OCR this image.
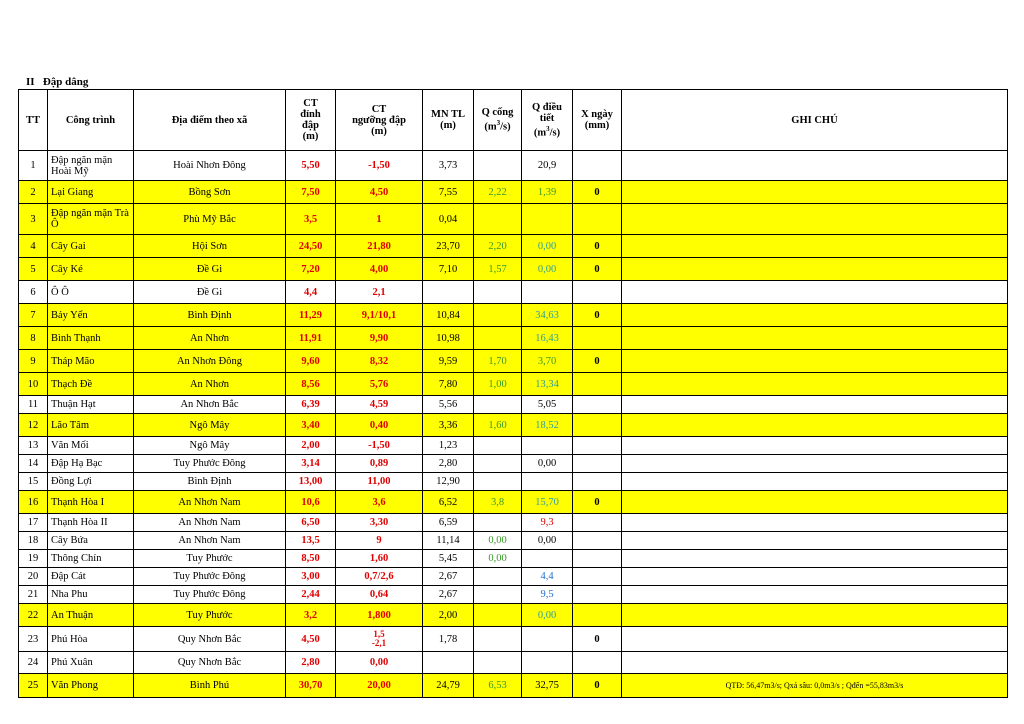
II Đập dâng
TT	Công trình	Địa điểm theo xã	CT
đỉnh
đập
(m)	CT
ngưỡng đập
(m)	MN TL
(m)	Q cống
$(m^3/s)$	Q điều
tiết
$(m^3/s)$	X ngày
(mm)	GHI CHÚ
1	Đập ngăn mặn Hoài Mỹ	Hoài Nhơn Đông	5,50	-1,50	3,73		20,9		
2	Lại Giang	Bồng Sơn	7,50	4,50	7,55	2,22	1,39	0	
3	Đập ngăn mặn Trà Ô	Phù Mỹ Bắc	3,5	1	0,04				
4	Cây Gai	Hội Sơn	24,50	21,80	23,70	2,20	0,00	0	
5	Cây Ké	Đề Gi	7,20	4,00	7,10	1,57	0,00	0	
6	Ô Ô	Đề Gi	4,4	2,1					
7	Bảy Yển	Bình Định	11,29	9,1/10,1	10,84		34,63	0	
8	Bình Thạnh	An Nhơn	11,91	9,90	10,98		16,43		
9	Tháp Mão	An Nhơn Đông	9,60	8,32	9,59	1,70	3,70	0	
10	Thạch Đề	An Nhơn	8,56	5,76	7,80	1,00	13,34		
11	Thuận Hạt	An Nhơn Bắc	6,39	4,59	5,56		5,05		
12	Lão Tâm	Ngô Mây	3,40	0,40	3,36	1,60	18,52		
13	Văn Mối	Ngô Mây	2,00	-1,50	1,23				
14	Đập Hạ Bạc	Tuy Phước Đông	3,14	0,89	2,80		0,00		
15	Đồng Lợi	Bình Định	13,00	11,00	12,90				
16	Thạnh Hòa I	An Nhơn Nam	10,6	3,6	6,52	3,8	15,70	0	
17	Thạnh Hòa II	An Nhơn Nam	6,50	3,30	6,59		9,3		
18	Cây Bứa	An Nhơn Nam	13,5	9	11,14	0,00	0,00		
19	Thông Chín	Tuy Phước	8,50	1,60	5,45	0,00			
20	Đập Cát	Tuy Phước Đông	3,00	0,7/2,6	2,67		4,4		
21	Nha Phu	Tuy Phước Đông	2,44	0,64	2,67		9,5		
22	An Thuận	Tuy Phước	3,2	1,800	2,00		0,00		
23	Phú Hòa	Quy Nhơn Bắc	4,50	1,5
-2,1	1,78			0	
24	Phú Xuân	Quy Nhơn Bắc	2,80	0,00					
25	Văn Phong	Bình Phú	30,70	20,00	24,79	6,53	32,75	0	QTĐ: 56,47m3/s; Qxả sâu: 0,0m3/s ; Qđến =55,83m3/s
